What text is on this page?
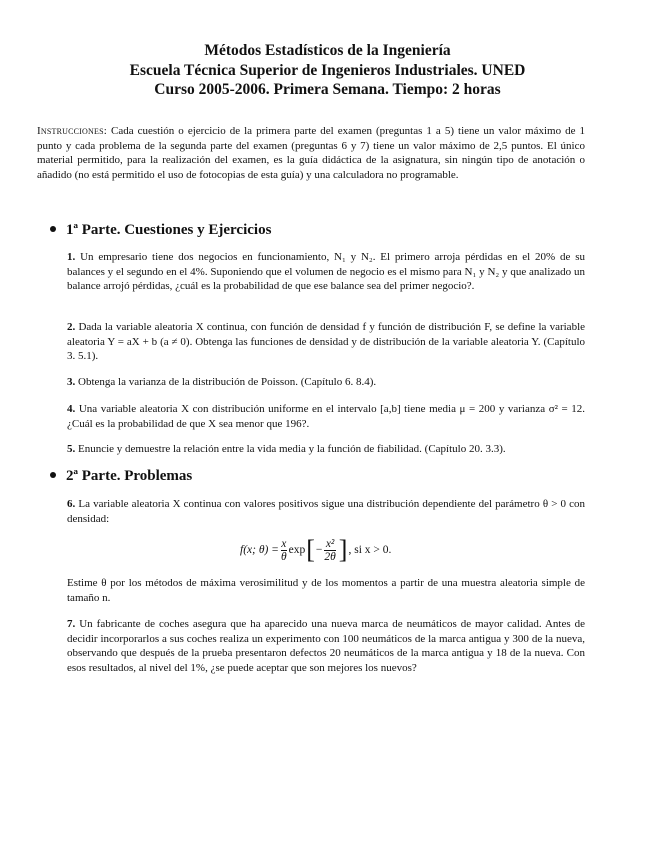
Métodos Estadísticos de la Ingeniería
Escuela Técnica Superior de Ingenieros Industriales. UNED
Curso 2005-2006. Primera Semana. Tiempo: 2 horas
Instrucciones: Cada cuestión o ejercicio de la primera parte del examen (preguntas 1 a 5) tiene un valor máximo de 1 punto y cada problema de la segunda parte del examen (preguntas 6 y 7) tiene un valor máximo de 2,5 puntos. El único material permitido, para la realización del examen, es la guía didáctica de la asignatura, sin ningún tipo de anotación o añadido (no está permitido el uso de fotocopias de esta guía) y una calculadora no programable.
1ª Parte. Cuestiones y Ejercicios
1. Un empresario tiene dos negocios en funcionamiento, N₁ y N₂. El primero arroja pérdidas en el 20% de su balances y el segundo en el 4%. Suponiendo que el volumen de negocio es el mismo para N₁ y N₂ y que analizado un balance arrojó pérdidas, ¿cuál es la probabilidad de que ese balance sea del primer negocio?.
2. Dada la variable aleatoria X continua, con función de densidad f y función de distribución F, se define la variable aleatoria Y = aX + b (a ≠ 0). Obtenga las funciones de densidad y de distribución de la variable aleatoria Y. (Capítulo 3. 5.1).
3. Obtenga la varianza de la distribución de Poisson. (Capítulo 6. 8.4).
4. Una variable aleatoria X con distribución uniforme en el intervalo [a,b] tiene media μ = 200 y varianza σ² = 12. ¿Cuál es la probabilidad de que X sea menor que 196?.
5. Enuncie y demuestre la relación entre la vida media y la función de fiabilidad. (Capítulo 20. 3.3).
2ª Parte. Problemas
6. La variable aleatoria X continua con valores positivos sigue una distribución dependiente del parámetro θ > 0 con densidad:
f(x; $\theta) = \frac{x}{\theta}$ exp [ − $\frac{\text{x²}}{2\theta}$ ] , si x > 0.
Estime θ por los métodos de máxima verosimilitud y de los momentos a partir de una muestra aleatoria simple de tamaño n.
7. Un fabricante de coches asegura que ha aparecido una nueva marca de neumáticos de mayor calidad. Antes de decidir incorporarlos a sus coches realiza un experimento con 100 neumáticos de la marca antigua y 300 de la nueva, observando que después de la prueba presentaron defectos 20 neumáticos de la marca antigua y 18 de la nueva. Con esos resultados, al nivel del 1%, ¿se puede aceptar que son mejores los nuevos?
